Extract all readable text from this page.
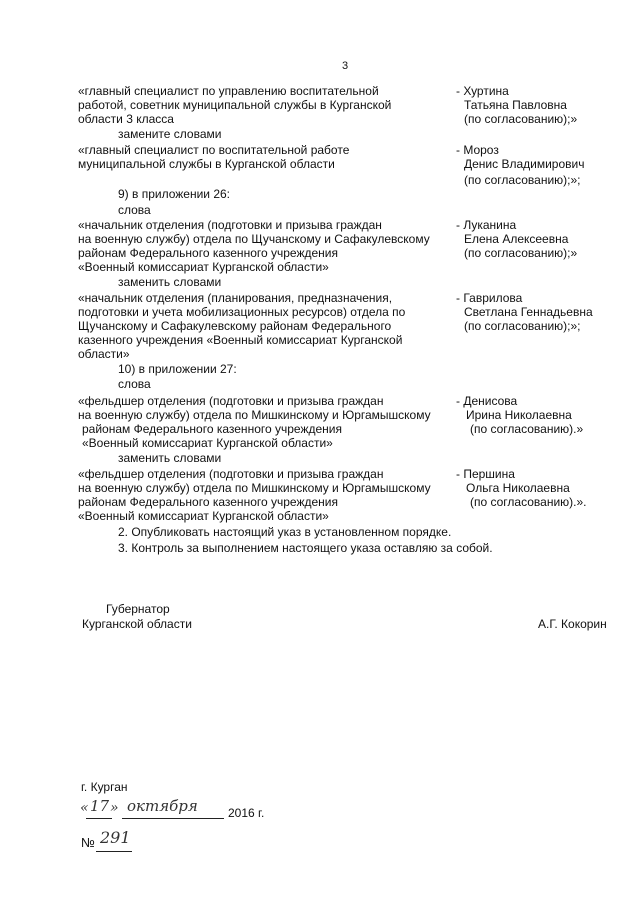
3
«главный специалист по управлению воспитательной
работой, советник муниципальной службы в Курганской
области 3 класса
- Хуртина
Татьяна Павловна
(по согласованию);»
замените словами
«главный специалист по воспитательной работе
муниципальной службы в Курганской области
- Мороз
Денис Владимирович
(по согласованию);»;
9) в приложении 26:
слова
«начальник отделения (подготовки и призыва граждан
на военную службу) отдела по Щучанскому и Сафакулевскому
районам Федерального казенного учреждения
«Военный комиссариат Курганской области»
- Луканина
Елена Алексеевна
(по согласованию);»
заменить словами
«начальник отделения (планирования, предназначения,
подготовки и учета мобилизационных ресурсов) отдела по
Щучанскому и Сафакулевскому районам Федерального
казенного учреждения «Военный комиссариат Курганской
области»
- Гаврилова
Светлана Геннадьевна
(по согласованию);»;
10) в приложении 27:
слова
«фельдшер отделения (подготовки и призыва граждан
на военную службу) отдела по Мишкинскому и Юргамышскому
районам Федерального казенного учреждения
«Военный комиссариат Курганской области»
- Денисова
Ирина Николаевна
(по согласованию).»
заменить словами
«фельдшер отделения (подготовки и призыва граждан
на военную службу) отдела по Мишкинскому и Юргамышскому
районам Федерального казенного учреждения
«Военный комиссариат Курганской области»
- Першина
Ольга Николаевна
(по согласованию).».
2. Опубликовать настоящий указ в установленном порядке.
3. Контроль за выполнением настоящего указа оставляю за собой.
Губернатор
Курганской области	А.Г. Кокорин
г. Курган
« 17 » октября	2016 г.
№ 291
